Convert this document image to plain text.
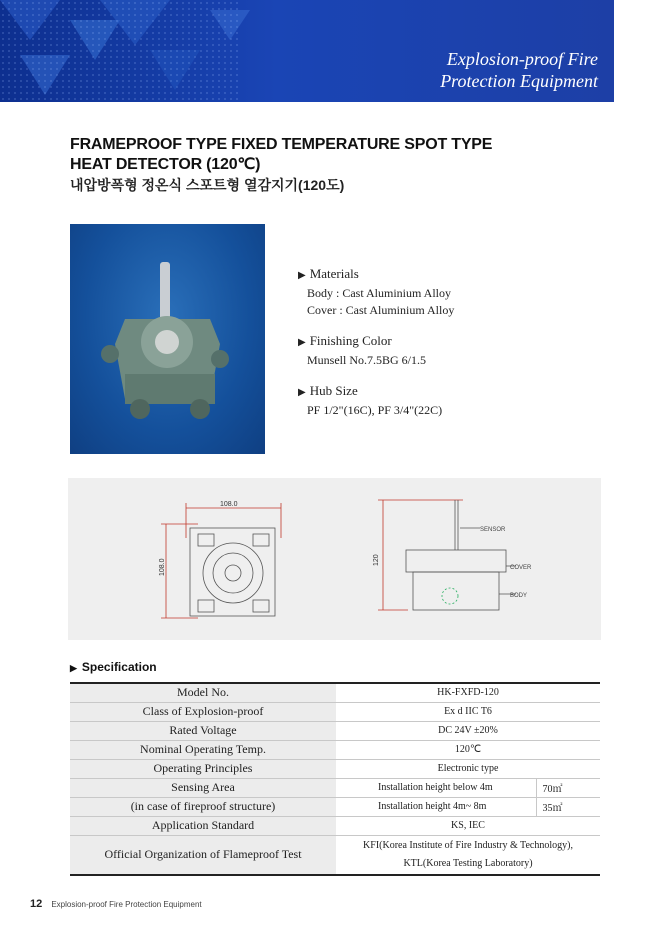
Explosion-proof Fire
Protection Equipment
FRAMEPROOF TYPE FIXED TEMPERATURE SPOT TYPE
HEAT DETECTOR (120℃)
내압방폭형 정온식 스포트형 열감지기(120도)
▶ Materials
Body : Cast Aluminium Alloy
Cover : Cast Aluminium Alloy
▶ Finishing Color
Munsell No.7.5BG 6/1.5
▶ Hub Size
PF 1/2"(16C), PF 3/4"(22C)
108.0
108.0	120
SENSOR
COVER
BODY
▶ Specification
Model No.	HK-FXFD-120	
Class of Explosion-proof	Ex d IIC T6	
Rated Voltage	DC 24V ±20%	
Nominal Operating Temp.	120℃	
Operating Principles	Electronic type	
Sensing Area	Installation height below 4m	70㎡
(in case of fireproof structure)	Installation height 4m~ 8m	35㎡
Application Standard	KS, IEC	
Official Organization of Flameproof Test	KFI(Korea Institute of Fire Industry & Technology),
KTL(Korea Testing Laboratory)	
12 Explosion-proof Fire Protection Equipment
